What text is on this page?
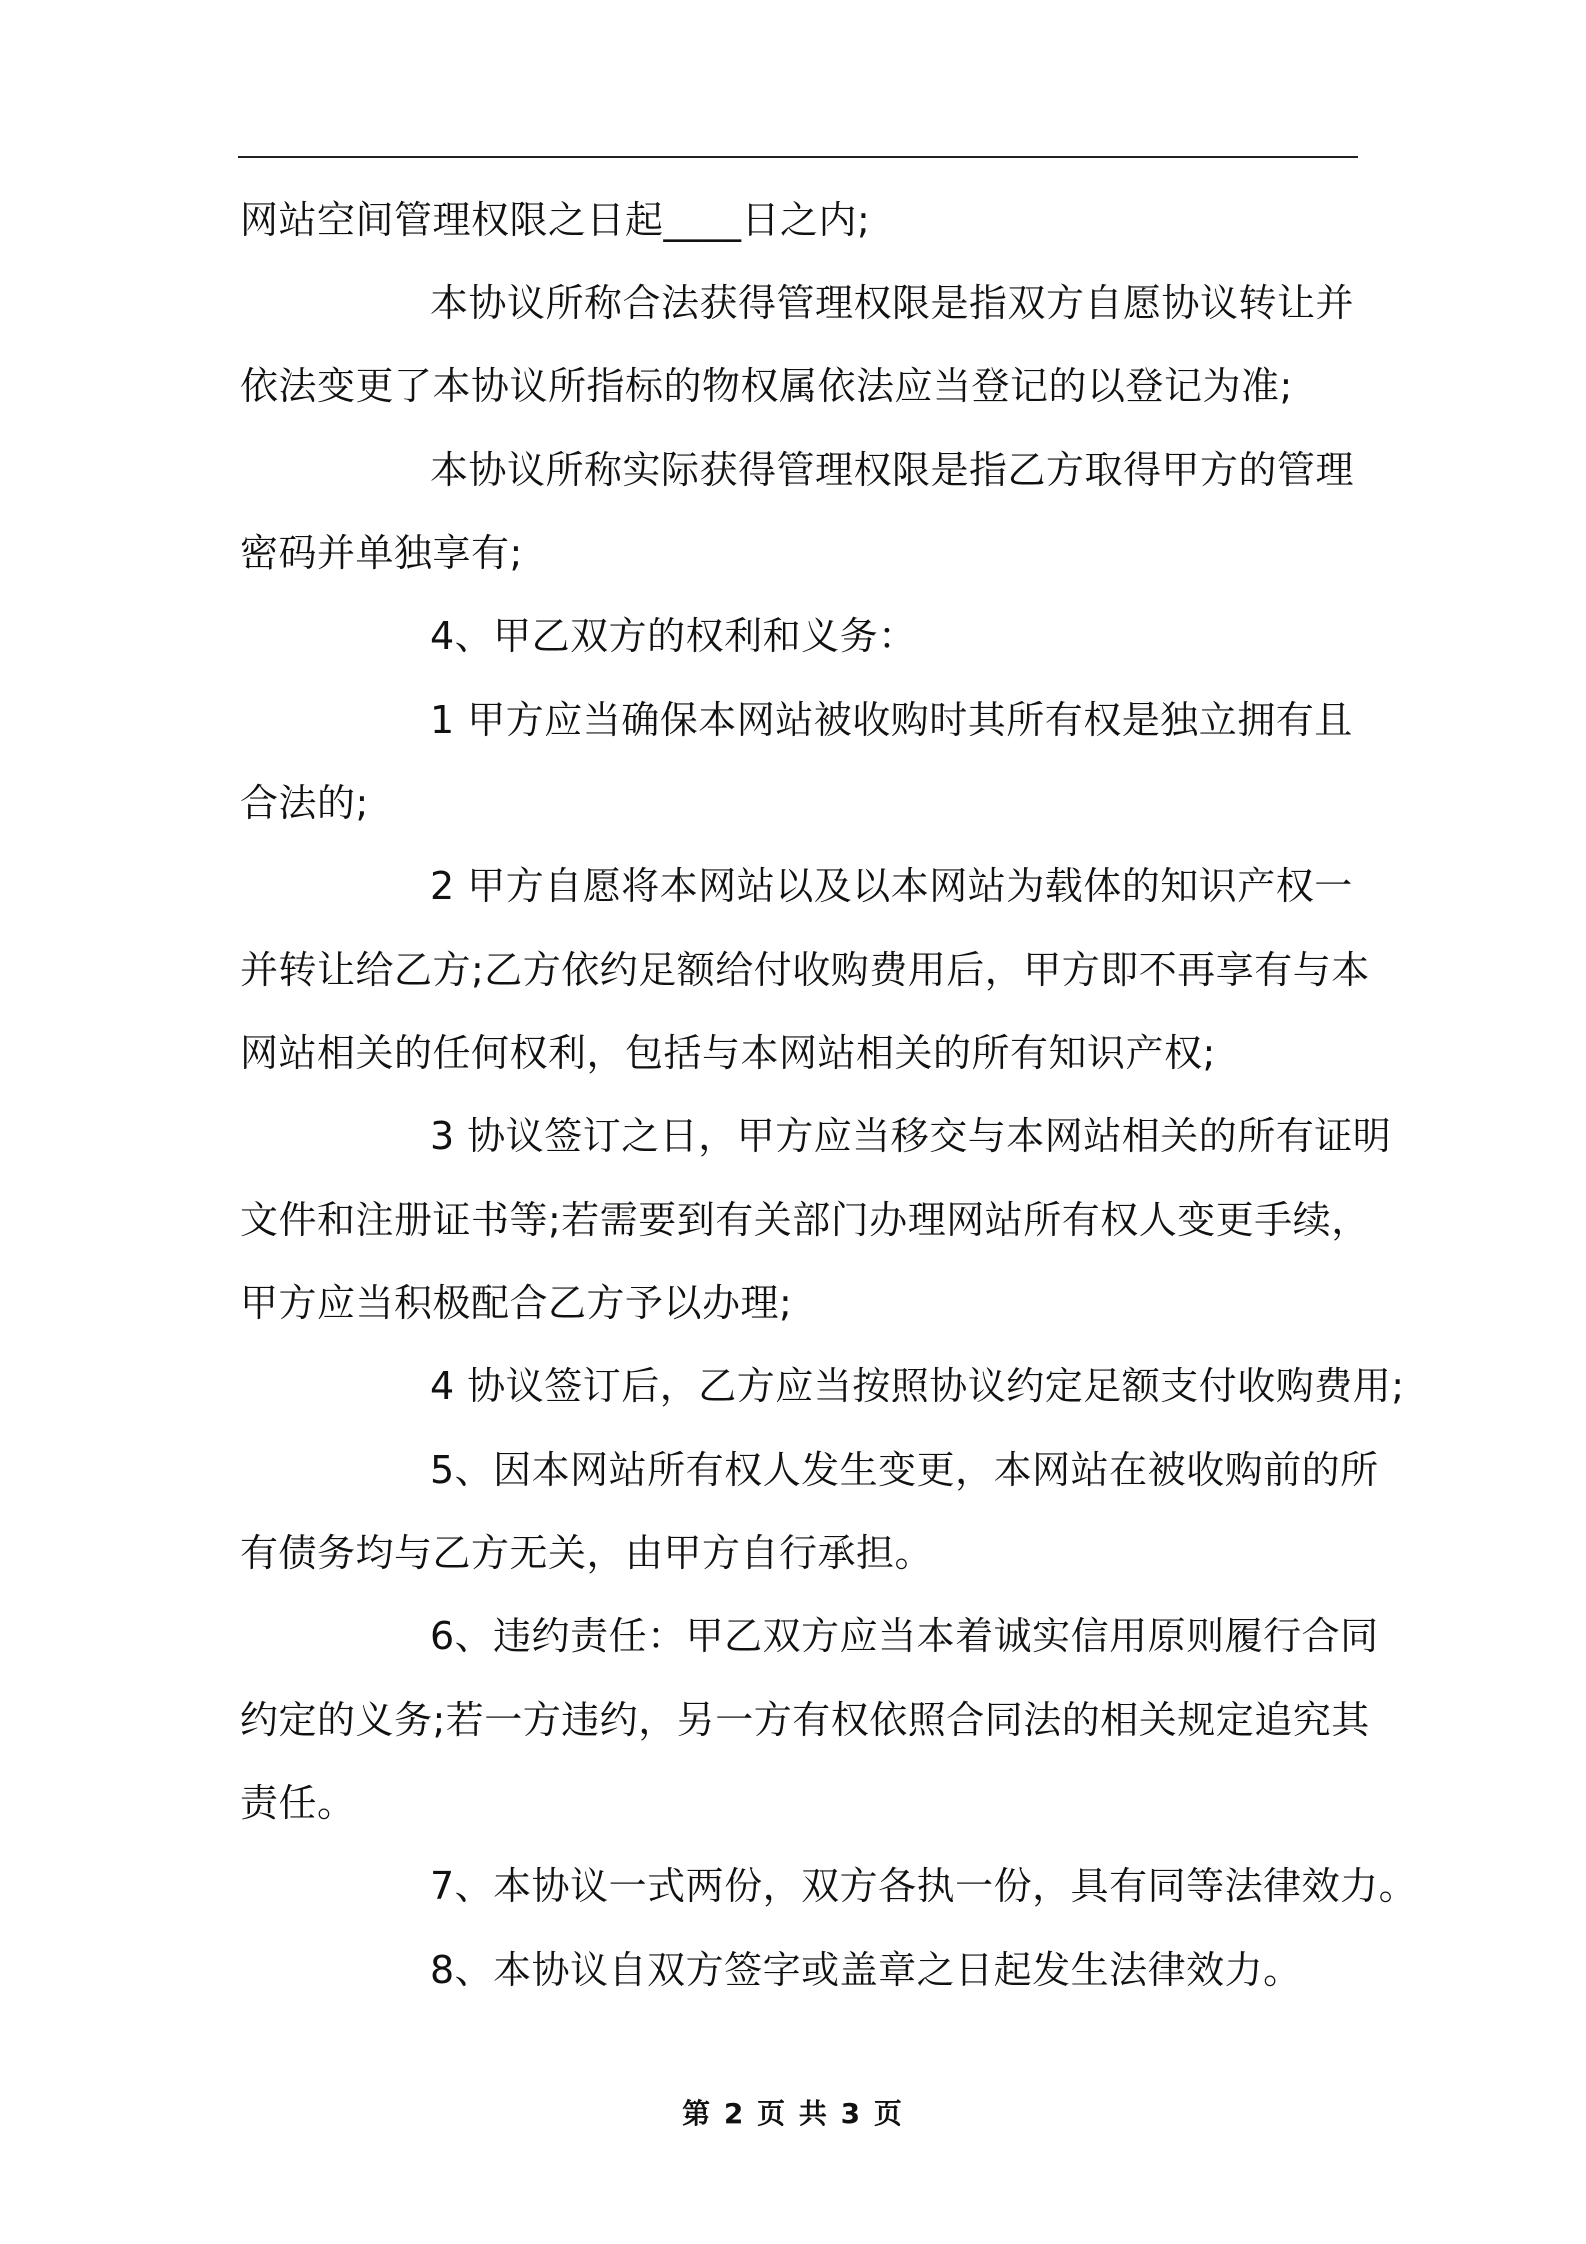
网站空间管理权限之日起____日之内;
本协议所称合法获得管理权限是指双方自愿协议转让并
依法变更了本协议所指标的物权属依法应当登记的以登记为准;
本协议所称实际获得管理权限是指乙方取得甲方的管理
密码并单独享有;
4、甲乙双方的权利和义务：
1 甲方应当确保本网站被收购时其所有权是独立拥有且
合法的;
2 甲方自愿将本网站以及以本网站为载体的知识产权一
并转让给乙方;乙方依约足额给付收购费用后，甲方即不再享有与本
网站相关的任何权利，包括与本网站相关的所有知识产权;
3 协议签订之日，甲方应当移交与本网站相关的所有证明
文件和注册证书等;若需要到有关部门办理网站所有权人变更手续，
甲方应当积极配合乙方予以办理;
4 协议签订后，乙方应当按照协议约定足额支付收购费用;
5、因本网站所有权人发生变更，本网站在被收购前的所
有债务均与乙方无关，由甲方自行承担。
6、违约责任：甲乙双方应当本着诚实信用原则履行合同
约定的义务;若一方违约，另一方有权依照合同法的相关规定追究其
责任。
7、本协议一式两份，双方各执一份，具有同等法律效力。
8、本协议自双方签字或盖章之日起发生法律效力。
第 2 页 共 3 页
